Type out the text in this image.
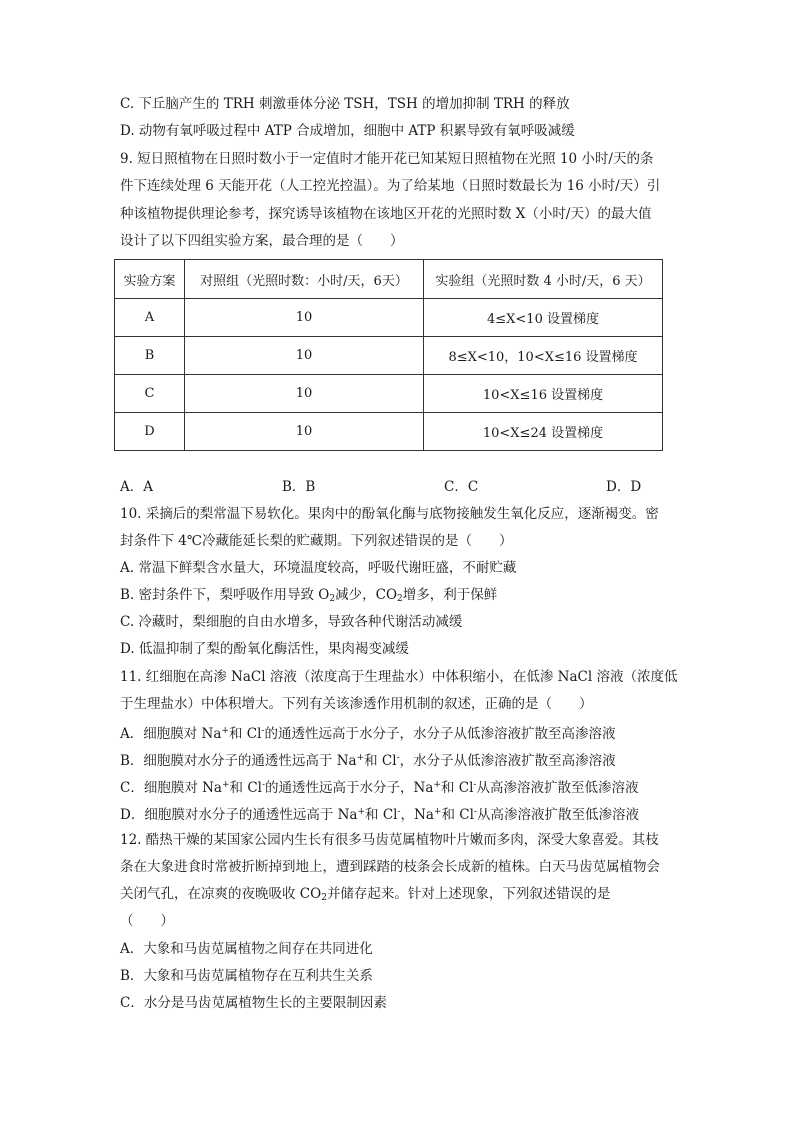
C. 下丘脑产生的 TRH 刺激垂体分泌 TSH，TSH 的增加抑制 TRH 的释放
D. 动物有氧呼吸过程中 ATP 合成增加，细胞中 ATP 积累导致有氧呼吸减缓
9. 短日照植物在日照时数小于一定值时才能开花已知某短日照植物在光照 10 小时/天的条
件下连续处理 6 天能开花（人工控光控温）。为了给某地（日照时数最长为 16 小时/天）引
种该植物提供理论参考，探究诱导该植物在该地区开花的光照时数 X（小时/天）的最大值
设计了以下四组实验方案，最合理的是（　　）
实验方案	对照组（光照时数：小时/天，6天）	实验组（光照时数 4 小时/天，6 天）
A	10	4≤X<10 设置梯度
B	10	8≤X<10，10<X≤16 设置梯度
C	10	10<X≤16 设置梯度
D	10	10<X≤24 设置梯度
A．A	B．B	C．C	D．D
10. 采摘后的梨常温下易软化。果肉中的酚氧化酶与底物接触发生氧化反应，逐渐褐变。密
封条件下 4℃冷藏能延长梨的贮藏期。下列叙述错误的是（　　）
A. 常温下鲜梨含水量大，环境温度较高，呼吸代谢旺盛，不耐贮藏
B. 密封条件下，梨呼吸作用导致 $O_2$减少，$CO_2$增多，利于保鲜
C. 冷藏时，梨细胞的自由水增多，导致各种代谢活动减缓
D. 低温抑制了梨的酚氧化酶活性，果肉褐变减缓
11. 红细胞在高渗 NaCl 溶液（浓度高于生理盐水）中体积缩小，在低渗 NaCl 溶液（浓度低
于生理盐水）中体积增大。下列有关该渗透作用机制的叙述，正确的是（　　）
A．细胞膜对 Na+和 Cl-的通透性远高于水分子，水分子从低渗溶液扩散至高渗溶液
B．细胞膜对水分子的通透性远高于 Na+和 Cl-，水分子从低渗溶液扩散至高渗溶液
C．细胞膜对 Na+和 Cl-的通透性远高于水分子，Na+和 Cl-从高渗溶液扩散至低渗溶液
D．细胞膜对水分子的通透性远高于 Na+和 Cl-，Na+和 Cl-从高渗溶液扩散至低渗溶液
12. 酷热干燥的某国家公园内生长有很多马齿苋属植物叶片嫩而多肉，深受大象喜爱。其枝
条在大象进食时常被折断掉到地上，遭到踩踏的枝条会长成新的植株。白天马齿苋属植物会
关闭气孔，在凉爽的夜晚吸收 $CO_2$并储存起来。针对上述现象，下列叙述错误的是
（　　）
A．大象和马齿苋属植物之间存在共同进化
B．大象和马齿苋属植物存在互利共生关系
C．水分是马齿苋属植物生长的主要限制因素
